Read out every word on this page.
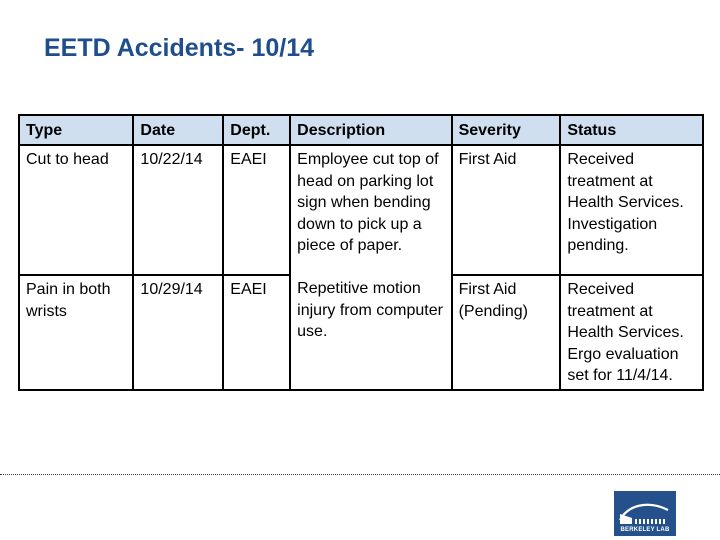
EETD Accidents- 10/14
Type	Date	Dept.	Description	Severity	Status
Cut to head	10/22/14	EAEI	Employee cut top of head on parking lot sign when bending down to pick up a piece of paper.	First Aid	Received treatment at Health Services. Investigation pending.
Pain in both wrists	10/29/14	EAEI	Repetitive motion injury from computer use.	First Aid (Pending)	Received treatment at Health Services. Ergo evaluation set for 11/4/14.
BERKELEY LAB
